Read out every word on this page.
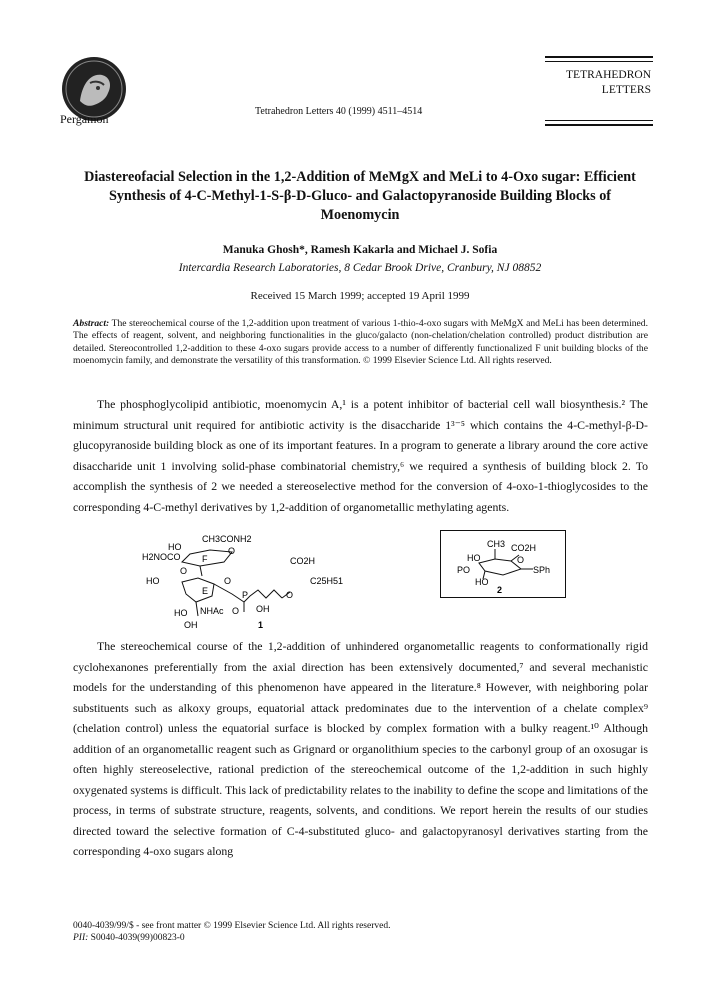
Pergamon
Tetrahedron Letters 40 (1999) 4511–4514
TETRAHEDRON
LETTERS
Diastereofacial Selection in the 1,2-Addition of MeMgX and MeLi to 4-Oxo sugar: Efficient Synthesis of 4-C-Methyl-1-S-β-D-Gluco- and Galactopyranoside Building Blocks of Moenomycin
Manuka Ghosh*, Ramesh Kakarla and Michael J. Sofia
Intercardia Research Laboratories, 8 Cedar Brook Drive, Cranbury, NJ 08852
Received 15 March 1999; accepted 19 April 1999
Abstract: The stereochemical course of the 1,2-addition upon treatment of various 1-thio-4-oxo sugars with MeMgX and MeLi has been determined. The effects of reagent, solvent, and neighboring functionalities in the gluco/galacto (non-chelation/chelation controlled) product distribution are detailed. Stereocontrolled 1,2-addition to these 4-oxo sugars provide access to a number of differently functionalized F unit building blocks of the moenomycin family, and demonstrate the versatility of this transformation. © 1999 Elsevier Science Ltd. All rights reserved.
The phosphoglycolipid antibiotic, moenomycin A,¹ is a potent inhibitor of bacterial cell wall biosynthesis.² The minimum structural unit required for antibiotic activity is the disaccharide 1³⁻⁵ which contains the 4-C-methyl-β-D-glucopyranoside building block as one of its important features. In a program to generate a library around the core active disaccharide unit 1 involving solid-phase combinatorial chemistry,⁶ we required a synthesis of building block 2. To accomplish the synthesis of 2 we needed a stereoselective method for the conversion of 4-oxo-1-thioglycosides to the corresponding 4-C-methyl derivatives by 1,2-addition of organometallic methylating agents.
CH3 CONH2
HO
H2NOCO F
O
CO2H
HO
O
O
P	O
C25H51
O OH
E
NHAc
HO
OH	1
CH3 CO2H
HO	O
PO	SPh
HO
2
The stereochemical course of the 1,2-addition of unhindered organometallic reagents to conformationally rigid cyclohexanones preferentially from the axial direction has been extensively documented,⁷ and several mechanistic models for the understanding of this phenomenon have appeared in the literature.⁸ However, with neighboring polar substituents such as alkoxy groups, equatorial attack predominates due to the intervention of a chelate complex⁹ (chelation control) unless the equatorial surface is blocked by complex formation with a bulky reagent.¹⁰ Although addition of an organometallic reagent such as Grignard or organolithium species to the carbonyl group of an oxosugar is often highly stereoselective, rational prediction of the stereochemical outcome of the 1,2-addition in such highly oxygenated systems is difficult. This lack of predictability relates to the inability to define the scope and limitations of the process, in terms of substrate structure, reagents, solvents, and conditions. We report herein the results of our studies directed toward the selective formation of C-4-substituted gluco- and galactopyranosyl derivatives starting from the corresponding 4-oxo sugars along
0040-4039/99/$ - see front matter © 1999 Elsevier Science Ltd. All rights reserved.
PII: S0040-4039(99)00823-0
